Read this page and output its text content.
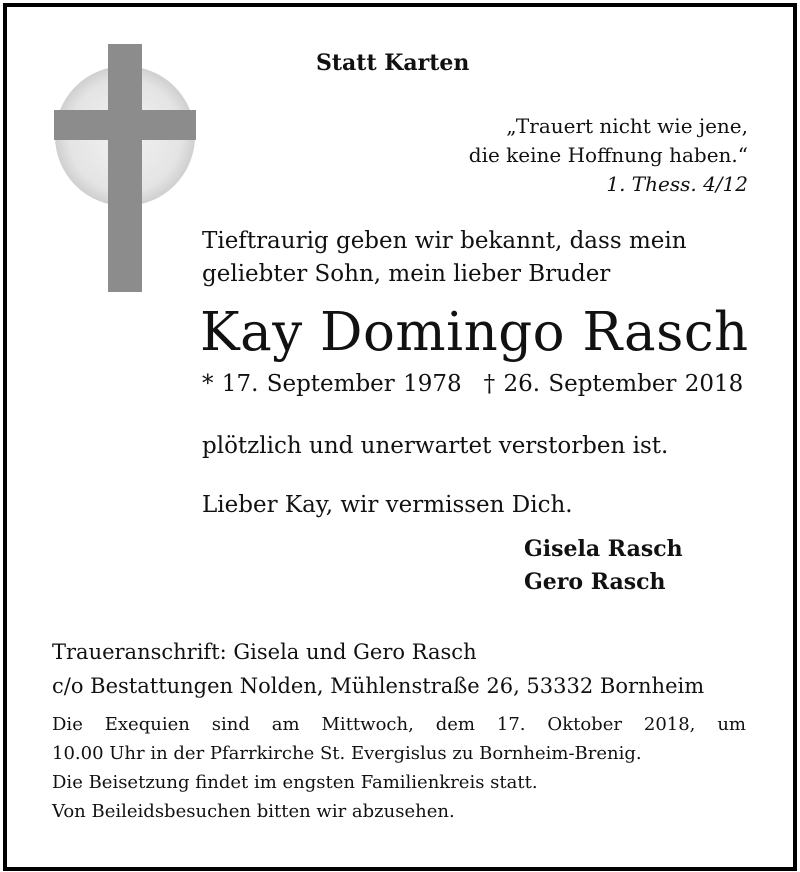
Statt Karten
„Trauert nicht wie jene,
die keine Hoffnung haben.“
1. Thess. 4/12
Tieftraurig geben wir bekannt, dass mein
geliebter Sohn, mein lieber Bruder
Kay Domingo Rasch
* 17. September 1978 † 26. September 2018
plötzlich und unerwartet verstorben ist.
Lieber Kay, wir vermissen Dich.
Gisela Rasch
Gero Rasch
Traueranschrift: Gisela und Gero Rasch
c/o Bestattungen Nolden, Mühlenstraße 26, 53332 Bornheim
Die Exequien sind am Mittwoch, dem 17. Oktober 2018, um
10.00 Uhr in der Pfarrkirche St. Evergislus zu Bornheim-Brenig.
Die Beisetzung findet im engsten Familienkreis statt.
Von Beileidsbesuchen bitten wir abzusehen.
